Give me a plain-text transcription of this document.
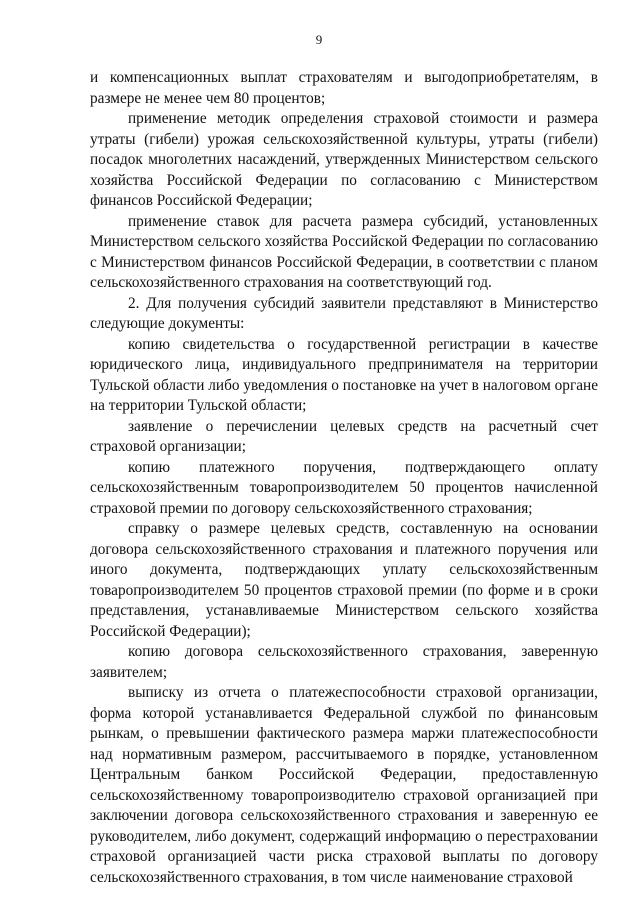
9

и компенсационных выплат страхователям и выгодоприобретателям, в размере не менее чем 80 процентов;

применение методик определения страховой стоимости и размера утраты (гибели) урожая сельскохозяйственной культуры, утраты (гибели) посадок многолетних насаждений, утвержденных Министерством сельского хозяйства Российской Федерации по согласованию с Министерством финансов Российской Федерации;

применение ставок для расчета размера субсидий, установленных Министерством сельского хозяйства Российской Федерации по согласованию с Министерством финансов Российской Федерации, в соответствии с планом сельскохозяйственного страхования на соответствующий год.

2. Для получения субсидий заявители представляют в Министерство следующие документы:

копию свидетельства о государственной регистрации в качестве юридического лица, индивидуального предпринимателя на территории Тульской области либо уведомления о постановке на учет в налоговом органе на территории Тульской области;

заявление о перечислении целевых средств на расчетный счет страховой организации;

копию платежного поручения, подтверждающего оплату сельскохозяйственным товаропроизводителем 50 процентов начисленной страховой премии по договору сельскохозяйственного страхования;

справку о размере целевых средств, составленную на основании договора сельскохозяйственного страхования и платежного поручения или иного документа, подтверждающих уплату сельскохозяйственным товаропроизводителем 50 процентов страховой премии (по форме и в сроки представления, устанавливаемые Министерством сельского хозяйства Российской Федерации);

копию договора сельскохозяйственного страхования, заверенную заявителем;

выписку из отчета о платежеспособности страховой организации, форма которой устанавливается Федеральной службой по финансовым рынкам, о превышении фактического размера маржи платежеспособности над нормативным размером, рассчитываемого в порядке, установленном Центральным банком Российской Федерации, предоставленную сельскохозяйственному товаропроизводителю страховой организацией при заключении договора сельскохозяйственного страхования и заверенную ее руководителем, либо документ, содержащий информацию о перестраховании страховой организацией части риска страховой выплаты по договору сельскохозяйственного страхования, в том числе наименование страховой
